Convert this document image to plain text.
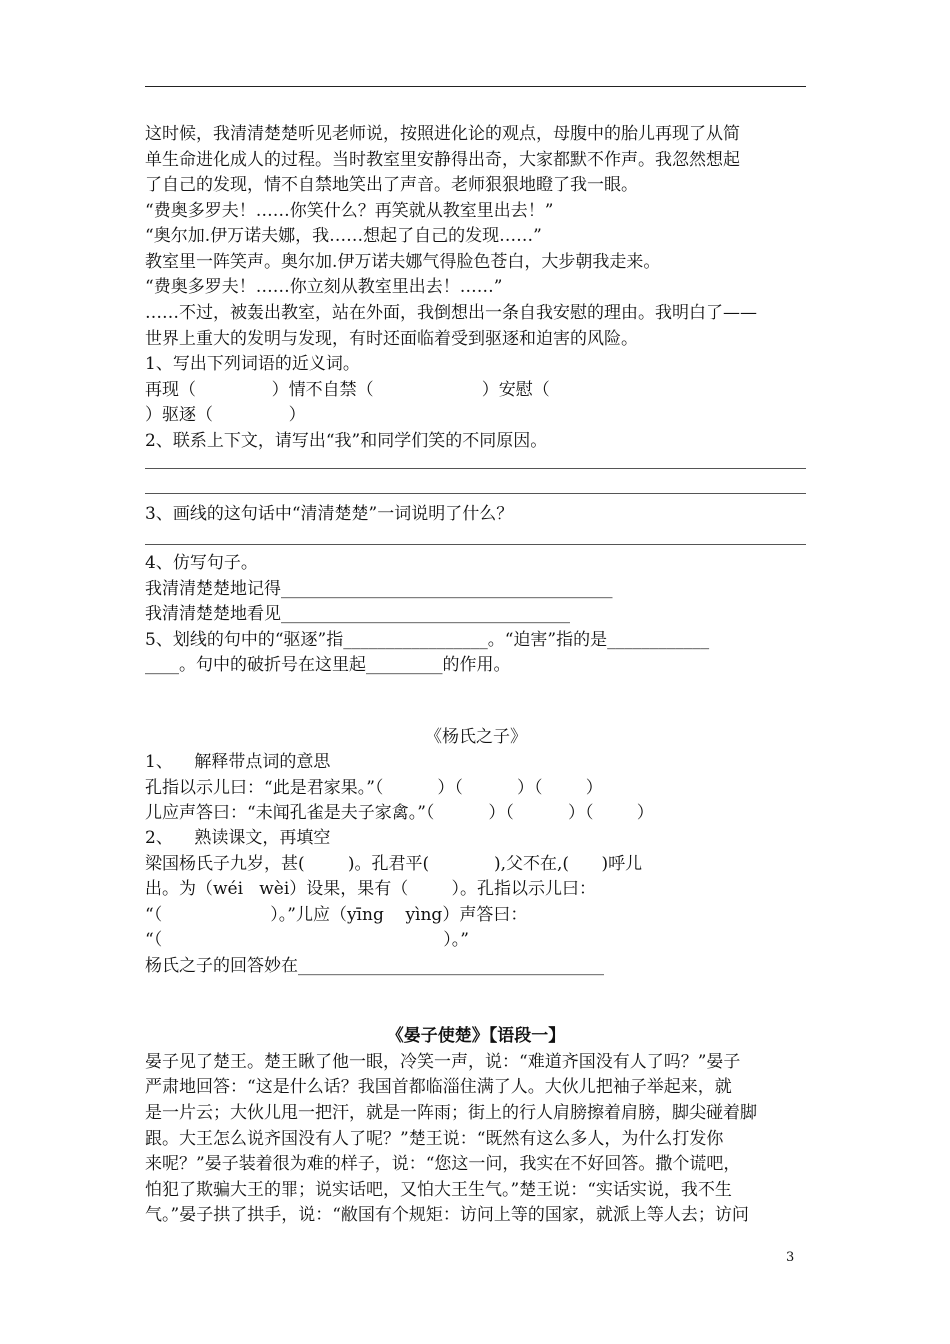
这时候，我清清楚楚听见老师说，按照进化论的观点，母腹中的胎儿再现了从简
单生命进化成人的过程。当时教室里安静得出奇，大家都默不作声。我忽然想起
了自己的发现，情不自禁地笑出了声音。老师狠狠地瞪了我一眼。
“费奥多罗夫！……你笑什么？再笑就从教室里出去！”
“奥尔加.伊万诺夫娜，我……想起了自己的发现……”
教室里一阵笑声。奥尔加.伊万诺夫娜气得脸色苍白，大步朝我走来。
“费奥多罗夫！……你立刻从教室里出去！……”
……不过，被轰出教室，站在外面，我倒想出一条自我安慰的理由。我明白了——
世界上重大的发明与发现，有时还面临着受到驱逐和迫害的风险。
1、写出下列词语的近义词。
再现（              ）情不自禁（                    ）安慰（
）驱逐（              ）
2、联系上下文，请写出“我”和同学们笑的不同原因。
3、画线的这句话中“清清楚楚”一词说明了什么？
4、仿写句子。
我清清楚楚地记得_______________________________________
我清清楚楚地看见__________________________________
5、划线的句中的“驱逐”指_________________。“迫害”指的是____________
____。句中的破折号在这里起_________的作用。
《杨氏之子》
1、    解释带点词的意思
孔指以示儿曰：“此是君家果。”（          ）（          ）（        ）
儿应声答曰：“未闻孔雀是夫子家禽。”（          ）（          ）（        ）
2、    熟读课文，再填空
梁国杨氏子九岁，甚(        )。孔君平(            ),父不在,(      )呼儿
出。为（wéi   wèi）设果，果有（        ）。孔指以示儿曰：
“（                    ）。”儿应（yīng    yìng）声答曰：
“（                                                    ）。”
杨氏之子的回答妙在____________________________________
《晏子使楚》【语段一】
晏子见了楚王。楚王瞅了他一眼，冷笑一声，说：“难道齐国没有人了吗？”晏子
严肃地回答：“这是什么话？我国首都临淄住满了人。大伙儿把袖子举起来，就
是一片云；大伙儿甩一把汗，就是一阵雨；街上的行人肩膀擦着肩膀，脚尖碰着脚
跟。大王怎么说齐国没有人了呢？”楚王说：“既然有这么多人，为什么打发你
来呢？”晏子装着很为难的样子，说：“您这一问，我实在不好回答。撒个谎吧，
怕犯了欺骗大王的罪；说实话吧，又怕大王生气。”楚王说：“实话实说，我不生
气。”晏子拱了拱手，说：“敝国有个规矩：访问上等的国家，就派上等人去；访问
3
